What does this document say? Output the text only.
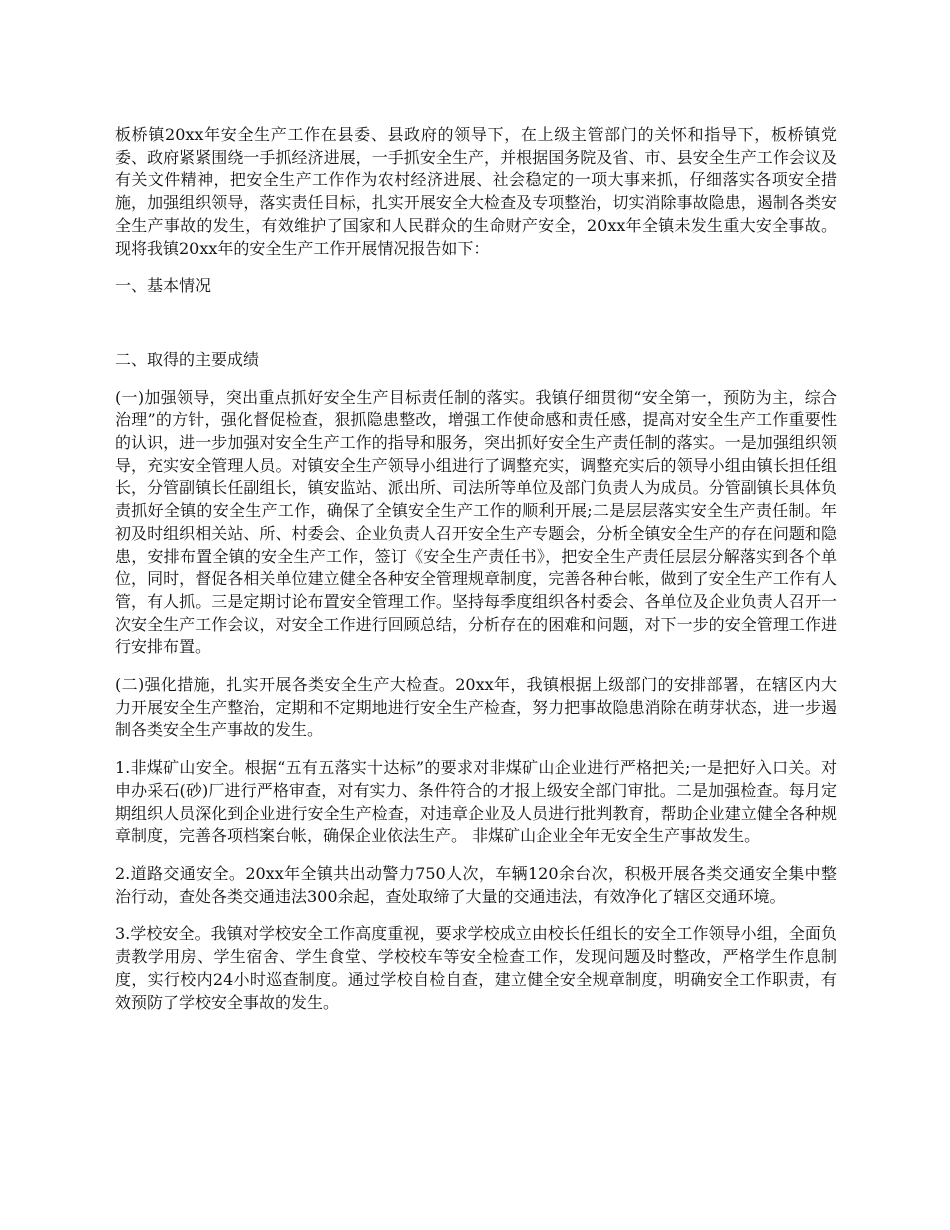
板桥镇20xx年安全生产工作在县委、县政府的领导下，在上级主管部门的关怀和指导下，板桥镇党委、政府紧紧围绕一手抓经济进展，一手抓安全生产，并根据国务院及省、市、县安全生产工作会议及有关文件精神，把安全生产工作作为农村经济进展、社会稳定的一项大事来抓，仔细落实各项安全措施，加强组织领导，落实责任目标，扎实开展安全大检查及专项整治，切实消除事故隐患，遏制各类安全生产事故的发生，有效维护了国家和人民群众的生命财产安全，20xx年全镇未发生重大安全事故。现将我镇20xx年的安全生产工作开展情况报告如下：

一、基本情况

二、取得的主要成绩

(一)加强领导，突出重点抓好安全生产目标责任制的落实。我镇仔细贯彻“安全第一，预防为主，综合治理”的方针，强化督促检查，狠抓隐患整改，增强工作使命感和责任感，提高对安全生产工作重要性的认识，进一步加强对安全生产工作的指导和服务，突出抓好安全生产责任制的落实。一是加强组织领导，充实安全管理人员。对镇安全生产领导小组进行了调整充实，调整充实后的领导小组由镇长担任组长，分管副镇长任副组长，镇安监站、派出所、司法所等单位及部门负责人为成员。分管副镇长具体负责抓好全镇的安全生产工作，确保了全镇安全生产工作的顺利开展;二是层层落实安全生产责任制。年初及时组织相关站、所、村委会、企业负责人召开安全生产专题会，分析全镇安全生产的存在问题和隐患，安排布置全镇的安全生产工作，签订《安全生产责任书》，把安全生产责任层层分解落实到各个单位，同时，督促各相关单位建立健全各种安全管理规章制度，完善各种台帐，做到了安全生产工作有人管，有人抓。三是定期讨论布置安全管理工作。坚持每季度组织各村委会、各单位及企业负责人召开一次安全生产工作会议，对安全工作进行回顾总结，分析存在的困难和问题，对下一步的安全管理工作进行安排布置。

(二)强化措施，扎实开展各类安全生产大检查。20xx年，我镇根据上级部门的安排部署，在辖区内大力开展安全生产整治，定期和不定期地进行安全生产检查，努力把事故隐患消除在萌芽状态，进一步遏制各类安全生产事故的发生。

1.非煤矿山安全。根据“五有五落实十达标”的要求对非煤矿山企业进行严格把关;一是把好入口关。对申办采石(砂)厂进行严格审查，对有实力、条件符合的才报上级安全部门审批。二是加强检查。每月定期组织人员深化到企业进行安全生产检查，对违章企业及人员进行批判教育，帮助企业建立健全各种规章制度，完善各项档案台帐，确保企业依法生产。 非煤矿山企业全年无安全生产事故发生。

2.道路交通安全。20xx年全镇共出动警力750人次，车辆120余台次，积极开展各类交通安全集中整治行动，查处各类交通违法300余起，查处取缔了大量的交通违法，有效净化了辖区交通环境。

3.学校安全。我镇对学校安全工作高度重视，要求学校成立由校长任组长的安全工作领导小组，全面负责教学用房、学生宿舍、学生食堂、学校校车等安全检查工作，发现问题及时整改，严格学生作息制度，实行校内24小时巡查制度。通过学校自检自查，建立健全安全规章制度，明确安全工作职责，有效预防了学校安全事故的发生。
